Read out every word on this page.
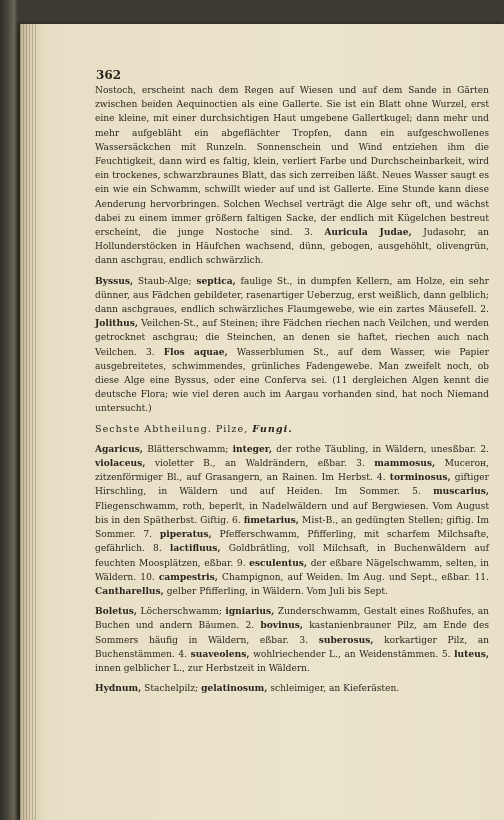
362

Nostoch, erscheint nach dem Regen auf Wiesen und auf dem Sande in Gärten zwischen beiden Aequinoctien als eine Gallerte. Sie ist ein Blatt ohne Wurzel, erst eine kleine, mit einer durchsichtigen Haut umgebene Gallertkugel; dann mehr und mehr aufgebläht ein abgeflächter Tropfen, dann ein aufgeschwollenes Wassersäckchen mit Runzeln. Sonnenschein und Wind entziehen ihm die Feuchtigkeit, dann wird es faltig, klein, verliert Farbe und Durchscheinbarkeit, wird ein trockenes, schwarzbraunes Blatt, das sich zerreiben läßt. Neues Wasser saugt es ein wie ein Schwamm, schwillt wieder auf und ist Gallerte. Eine Stunde kann diese Aenderung hervorbringen. Solchen Wechsel verträgt die Alge sehr oft, und wächst dabei zu einem immer größern faltigen Sacke, der endlich mit Kügelchen bestreut erscheint, die junge Nostoche sind. 3. Auricula Judae, Judasohr, an Hollunderstöcken in Häufchen wachsend, dünn, gebogen, ausgehöhlt, olivengrün, dann aschgrau, endlich schwärzlich.

Byssus, Staub-Alge; septica, faulige St., in dumpfen Kellern, am Holze, ein sehr dünner, aus Fädchen gebildeter, rasenartiger Ueberzug, erst weißlich, dann gelblich; dann aschgraues, endlich schwärzliches Flaumgewebe, wie ein zartes Mäusefell. 2. Jolithus, Veilchen-St., auf Steinen; ihre Fädchen riechen nach Veilchen, und werden getrocknet aschgrau; die Steinchen, an denen sie haftet, riechen auch nach Veilchen. 3. Flos aquae, Wasserblumen St., auf dem Wasser, wie Papier ausgebreitetes, schwimmendes, grünliches Fadengewebe. Man zweifelt noch, ob diese Alge eine Byssus, oder eine Conferva sei. (11 dergleichen Algen kennt die deutsche Flora; wie viel deren auch im Aargau vorhanden sind, hat noch Niemand untersucht.)

Sechste Abtheilung. Pilze, Fungi.

Agaricus, Blätterschwamm; integer, der rothe Täubling, in Wäldern, unesßbar. 2. violaceus, violetter B., an Waldrändern, eßbar. 3. mammosus, Mucerон, zitzenförmiger Bl., auf Grasangern, an Rainen. Im Herbst. 4. torminosus, giftiger Hirschling, in Wäldern und auf Heiden. Im Sommer. 5. muscarius, Fliegenschwamm, roth, beperlt, in Nadelwäldern und auf Bergwiesen. Vom August bis in den Spätherbst. Giftig. 6. fimetarius, Mist-B., an gedüngten Stellen; giftig. Im Sommer. 7. piperatus, Pfefferschwamm, Pfifferling, mit scharfem Milchsafte, gefährlich. 8. lactifluus, Goldbrätling, voll Milchsaft, in Buchenwäldern auf feuchten Moosplätzen, eßbar. 9. esculentus, der eßbare Nägelschwamm, selten, in Wäldern. 10. campestris, Champignon, auf Weiden. Im Aug. und Sept., eßbar. 11. Cantharellus, gelber Pfifferling, in Wäldern. Vom Juli bis Sept.

Boletus, Löcherschwamm; igniarius, Zunderschwamm, Gestalt eines Roßhufes, an Buchen und andern Bäumen. 2. bovinus, kastanienbrauner Pilz, am Ende des Sommers häufig in Wäldern, eßbar. 3. suberosus, korkartiger Pilz, an Buchenstämmen. 4. suaveolens, wohlriechender L., an Weidenstämmen. 5. luteus, innen gelblicher L., zur Herbstzeit in Wäldern.

Hydnum, Stachelpilz; gelatinosum, schleimiger, an Kieferästen.
